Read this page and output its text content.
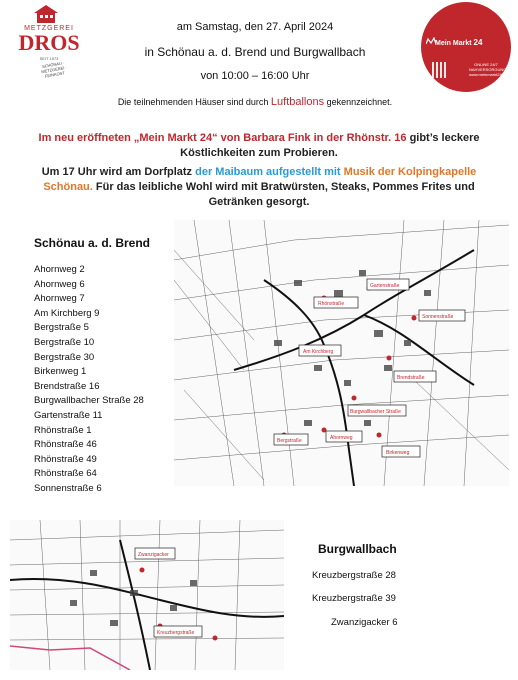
METZGEREI
DROS
SEIT 1973
SCHÖNAU · METZGEREI · FEINKOST
am Samstag, den 27. April 2024
in Schönau a. d. Brend und Burgwallbach
von 10:00 – 16:00 Uhr
Die teilnehmenden Häuser sind durch Luftballons gekennzeichnet.
Mein Markt 24
ONLINE 24/7 NAHVERSORGUNG www.meinmarkt24.de
Im neu eröffneten „Mein Markt 24“ von Barbara Fink in der Rhönstr. 16 gibt’s leckere Köstlichkeiten zum Probieren.
Um 17 Uhr wird am Dorfplatz der Maibaum aufgestellt mit Musik der Kolpingkapelle Schönau. Für das leibliche Wohl wird mit Bratwürsten, Steaks, Pommes Frites und Getränken gesorgt.
Schönau a. d. Brend
Ahornweg 2
Ahornweg 6
Ahornweg 7
Am Kirchberg 9
Bergstraße 5
Bergstraße 10
Bergstraße 30
Birkenweg 1
Brendstraße 16
Burgwallbacher Straße 28
Gartenstraße 11
Rhönstraße 1
Rhönstraße 46
Rhönstraße 49
Rhönstraße 64
Sonnenstraße 6
Rhönstraße
Gartenstraße
Sonnenstraße
Am Kirchberg
Brendstraße
Burgwallbacher Straße
Bergstraße	Ahornweg
Birkenweg
Zwanzigacker
Kreuzbergstraße
Burgwallbach
Kreuzbergstraße 28
Kreuzbergstraße 39
Zwanzigacker 6
